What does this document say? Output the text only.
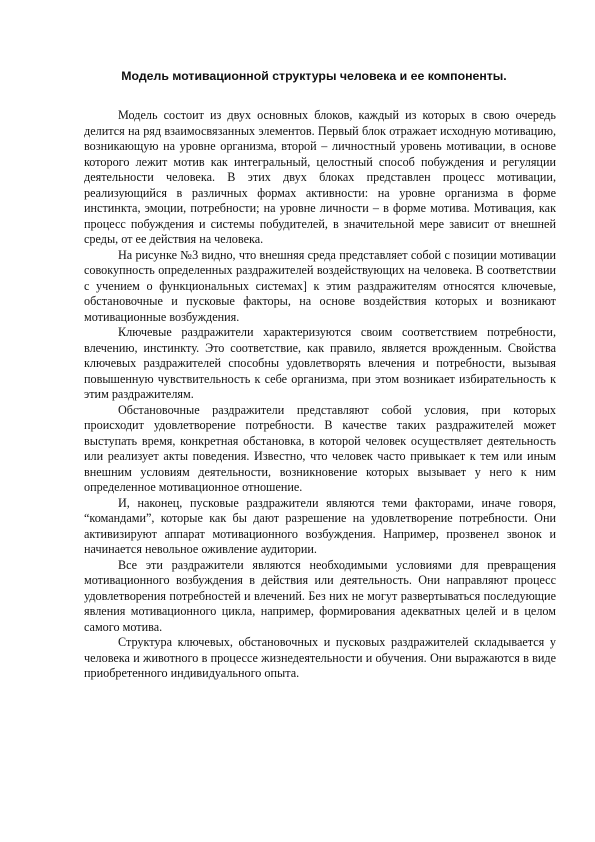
Модель мотивационной структуры человека и ее компоненты.

Модель состоит из двух основных блоков, каждый из которых в свою очередь делится на ряд взаимосвязанных элементов. Первый блок отражает исходную мотивацию, возникающую на уровне организма, второй – личностный уровень мотивации, в основе которого лежит мотив как интегральный, целостный способ побуждения и регуляции деятельности человека. В этих двух блоках представлен процесс мотивации, реализующийся в различных формах активности: на уровне организма в форме инстинкта, эмоции, потребности; на уровне личности – в форме мотива. Мотивация, как процесс побуждения и системы побудителей, в значительной мере зависит от внешней среды, от ее действия на человека.

На рисунке №3 видно, что внешняя среда представляет собой с позиции мотивации совокупность определенных раздражителей воздействующих на человека. В соответствии с учением о функциональных системах] к этим раздражителям относятся ключевые, обстановочные и пусковые факторы, на основе воздействия которых и возникают мотивационные возбуждения.

Ключевые раздражители характеризуются своим соответствием потребности, влечению, инстинкту. Это соответствие, как правило, является врожденным. Свойства ключевых раздражителей способны удовлетворять влечения и потребности, вызывая повышенную чувствительность к себе организма, при этом возникает избирательность к этим раздражителям.

Обстановочные раздражители представляют собой условия, при которых происходит удовлетворение потребности. В качестве таких раздражителей может выступать время, конкретная обстановка, в которой человек осуществляет деятельность или реализует акты поведения. Известно, что человек часто привыкает к тем или иным внешним условиям деятельности, возникновение которых вызывает у него к ним определенное мотивационное отношение.

И, наконец, пусковые раздражители являются теми факторами, иначе говоря, “командами”, которые как бы дают разрешение на удовлетворение потребности. Они активизируют аппарат мотивационного возбуждения. Например, прозвенел звонок и начинается невольное оживление аудитории.

Все эти раздражители являются необходимыми условиями для превращения мотивационного возбуждения в действия или деятельность. Они направляют процесс удовлетворения потребностей и влечений. Без них не могут развертываться последующие явления мотивационного цикла, например, формирования адекватных целей и в целом самого мотива.

Структура ключевых, обстановочных и пусковых раздражителей складывается у человека и животного в процессе жизнедеятельности и обучения. Они выражаются в виде приобретенного индивидуального опыта.
